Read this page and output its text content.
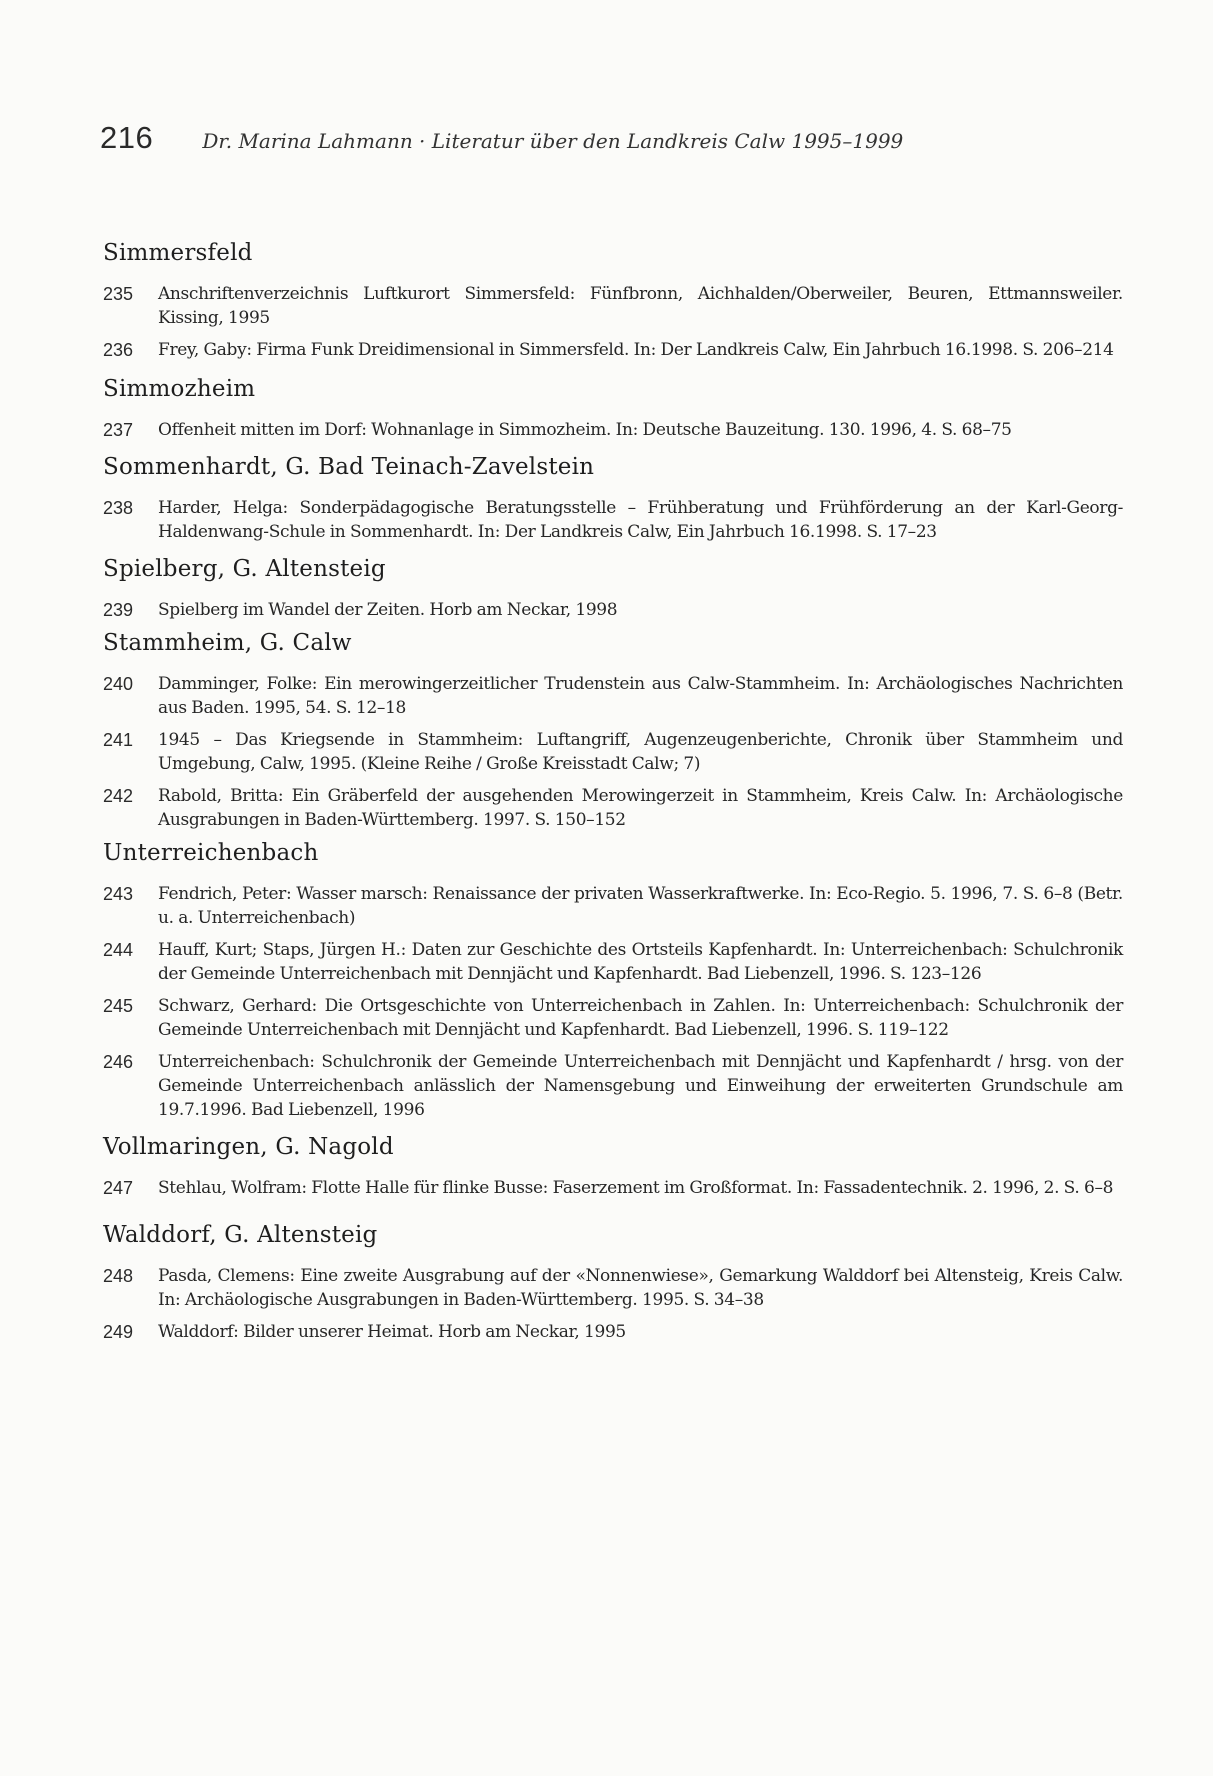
216 Dr. Marina Lahmann · Literatur über den Landkreis Calw 1995–1999
Simmersfeld
235	Anschriftenverzeichnis Luftkurort Simmersfeld: Fünfbronn, Aichhalden/Oberweiler, Beuren, Ettmannsweiler. Kissing, 1995
236	Frey, Gaby: Firma Funk Dreidimensional in Simmersfeld. In: Der Landkreis Calw, Ein Jahrbuch 16.1998. S. 206–214
Simmozheim
237	Offenheit mitten im Dorf: Wohnanlage in Simmozheim. In: Deutsche Bauzeitung. 130. 1996, 4. S. 68–75
Sommenhardt, G. Bad Teinach-Zavelstein
238	Harder, Helga: Sonderpädagogische Beratungsstelle – Frühberatung und Frühförderung an der Karl-Georg-Haldenwang-Schule in Sommenhardt. In: Der Landkreis Calw, Ein Jahrbuch 16.1998. S. 17–23
Spielberg, G. Altensteig
239	Spielberg im Wandel der Zeiten. Horb am Neckar, 1998
Stammheim, G. Calw
240	Damminger, Folke: Ein merowingerzeitlicher Trudenstein aus Calw-Stammheim. In: Archäologisches Nachrichten aus Baden. 1995, 54. S. 12–18
241	1945 – Das Kriegsende in Stammheim: Luftangriff, Augenzeugenberichte, Chronik über Stammheim und Umgebung, Calw, 1995. (Kleine Reihe / Große Kreisstadt Calw; 7)
242	Rabold, Britta: Ein Gräberfeld der ausgehenden Merowingerzeit in Stammheim, Kreis Calw. In: Archäologische Ausgrabungen in Baden-Württemberg. 1997. S. 150–152
Unterreichenbach
243	Fendrich, Peter: Wasser marsch: Renaissance der privaten Wasserkraftwerke. In: Eco-Regio. 5. 1996, 7. S. 6–8 (Betr. u. a. Unterreichenbach)
244	Hauff, Kurt; Staps, Jürgen H.: Daten zur Geschichte des Ortsteils Kapfenhardt. In: Unterreichenbach: Schulchronik der Gemeinde Unterreichenbach mit Dennjächt und Kapfenhardt. Bad Liebenzell, 1996. S. 123–126
245	Schwarz, Gerhard: Die Ortsgeschichte von Unterreichenbach in Zahlen. In: Unterreichenbach: Schulchronik der Gemeinde Unterreichenbach mit Dennjächt und Kapfenhardt. Bad Liebenzell, 1996. S. 119–122
246	Unterreichenbach: Schulchronik der Gemeinde Unterreichenbach mit Dennjächt und Kapfenhardt / hrsg. von der Gemeinde Unterreichenbach anlässlich der Namensgebung und Einweihung der erweiterten Grundschule am 19.7.1996. Bad Liebenzell, 1996
Vollmaringen, G. Nagold
247	Stehlau, Wolfram: Flotte Halle für flinke Busse: Faserzement im Großformat. In: Fassadentechnik. 2. 1996, 2. S. 6–8
Walddorf, G. Altensteig
248	Pasda, Clemens: Eine zweite Ausgrabung auf der «Nonnenwiese», Gemarkung Walddorf bei Altensteig, Kreis Calw. In: Archäologische Ausgrabungen in Baden-Württemberg. 1995. S. 34–38
249	Walddorf: Bilder unserer Heimat. Horb am Neckar, 1995
